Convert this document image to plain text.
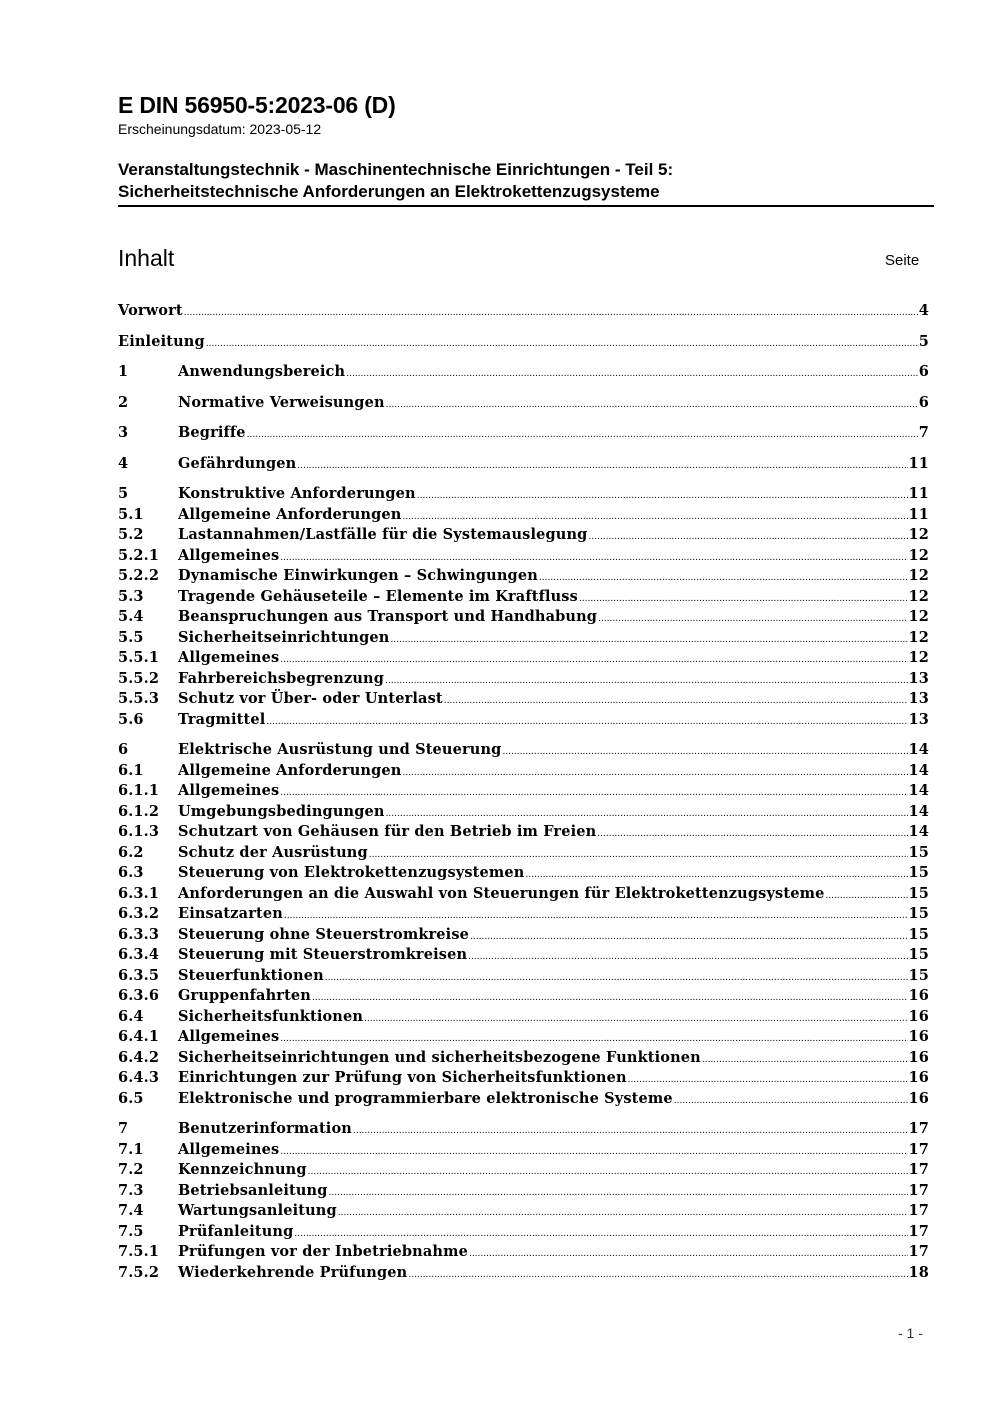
E DIN 56950-5:2023-06 (D)
Erscheinungsdatum: 2023-05-12
Veranstaltungstechnik - Maschinentechnische Einrichtungen - Teil 5:
Sicherheitstechnische Anforderungen an Elektrokettenzugsysteme
Inhalt	Seite
Vorwort .....	4
Einleitung .....	5
1	Anwendungsbereich .....	6
2	Normative Verweisungen .....	6
3	Begriffe .....	7
4	Gefährdungen .....	11
5	Konstruktive Anforderungen .....	11
5.1	Allgemeine Anforderungen .....	11
5.2	Lastannahmen/Lastfälle für die Systemauslegung .....	12
5.2.1	Allgemeines .....	12
5.2.2	Dynamische Einwirkungen – Schwingungen .....	12
5.3	Tragende Gehäuseteile – Elemente im Kraftfluss .....	12
5.4	Beanspruchungen aus Transport und Handhabung .....	12
5.5	Sicherheitseinrichtungen .....	12
5.5.1	Allgemeines .....	12
5.5.2	Fahrbereichsbegrenzung .....	13
5.5.3	Schutz vor Über- oder Unterlast .....	13
5.6	Tragmittel .....	13
6	Elektrische Ausrüstung und Steuerung .....	14
6.1	Allgemeine Anforderungen .....	14
6.1.1	Allgemeines .....	14
6.1.2	Umgebungsbedingungen .....	14
6.1.3	Schutzart von Gehäusen für den Betrieb im Freien .....	14
6.2	Schutz der Ausrüstung .....	15
6.3	Steuerung von Elektrokettenzugsystemen .....	15
6.3.1	Anforderungen an die Auswahl von Steuerungen für Elektrokettenzugsysteme .....	15
6.3.2	Einsatzarten .....	15
6.3.3	Steuerung ohne Steuerstromkreise .....	15
6.3.4	Steuerung mit Steuerstromkreisen .....	15
6.3.5	Steuerfunktionen .....	15
6.3.6	Gruppenfahrten .....	16
6.4	Sicherheitsfunktionen .....	16
6.4.1	Allgemeines .....	16
6.4.2	Sicherheitseinrichtungen und sicherheitsbezogene Funktionen .....	16
6.4.3	Einrichtungen zur Prüfung von Sicherheitsfunktionen .....	16
6.5	Elektronische und programmierbare elektronische Systeme .....	16
7	Benutzerinformation .....	17
7.1	Allgemeines .....	17
7.2	Kennzeichnung .....	17
7.3	Betriebsanleitung .....	17
7.4	Wartungsanleitung .....	17
7.5	Prüfanleitung .....	17
7.5.1	Prüfungen vor der Inbetriebnahme .....	17
7.5.2	Wiederkehrende Prüfungen .....	18
- 1 -
